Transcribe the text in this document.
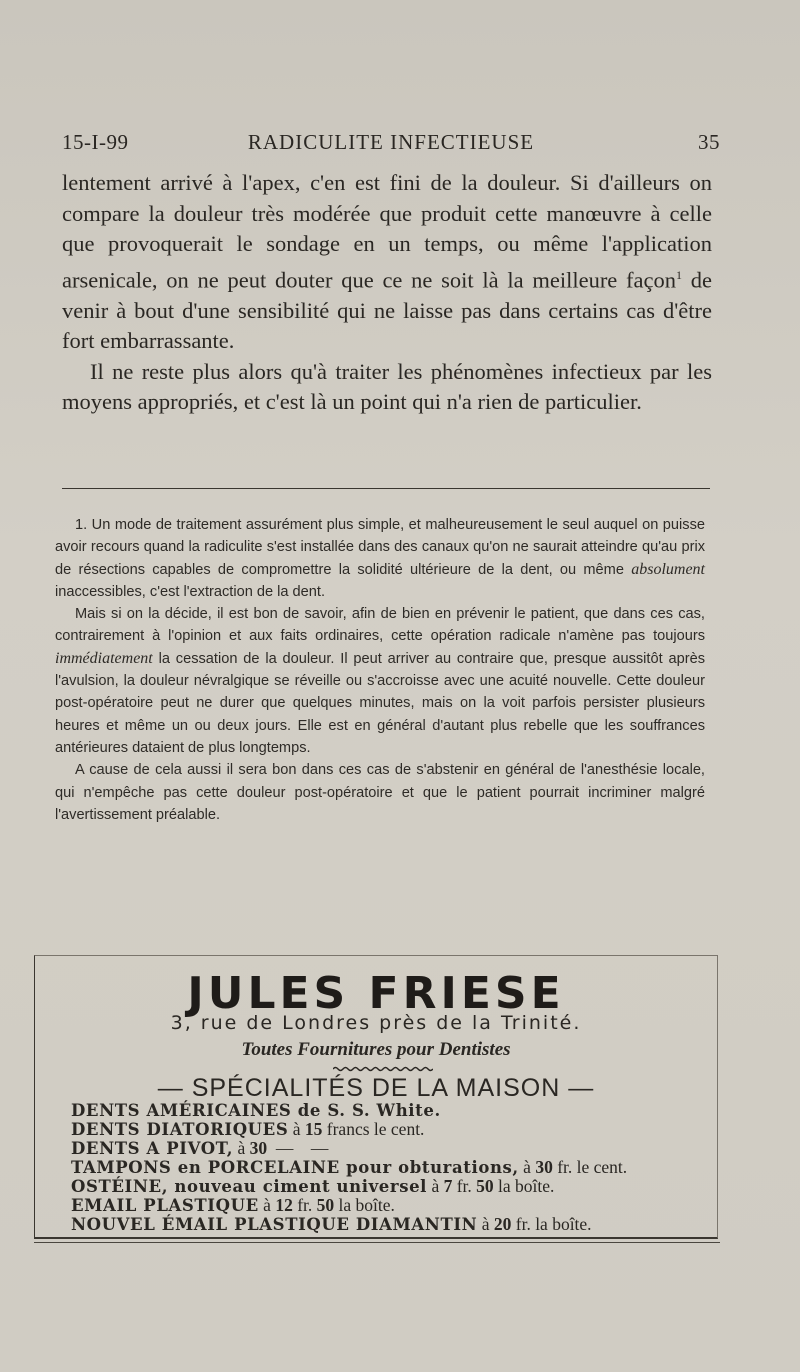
15-I-99	RADICULITE INFECTIEUSE	35

lentement arrivé à l'apex, c'en est fini de la douleur. Si d'ailleurs on compare la douleur très modérée que produit cette manœuvre à celle que provoquerait le sondage en un temps, ou même l'application arsenicale, on ne peut douter que ce ne soit là la meilleure façon$^1$ de venir à bout d'une sensibilité qui ne laisse pas dans certains cas d'être fort embarrassante.

Il ne reste plus alors qu'à traiter les phénomènes infectieux par les moyens appropriés, et c'est là un point qui n'a rien de particulier.

1. Un mode de traitement assurément plus simple, et malheureusement le seul auquel on puisse avoir recours quand la radiculite s'est installée dans des canaux qu'on ne saurait atteindre qu'au prix de résections capables de compromettre la solidité ultérieure de la dent, ou même absolument inaccessibles, c'est l'extraction de la dent.

Mais si on la décide, il est bon de savoir, afin de bien en prévenir le patient, que dans ces cas, contrairement à l'opinion et aux faits ordinaires, cette opération radicale n'amène pas toujours immédiatement la cessation de la douleur. Il peut arriver au contraire que, presque aussitôt après l'avulsion, la douleur névralgique se réveille ou s'accroisse avec une acuité nouvelle. Cette douleur post-opératoire peut ne durer que quelques minutes, mais on la voit parfois persister plusieurs heures et même un ou deux jours. Elle est en général d'autant plus rebelle que les souffrances antérieures dataient de plus longtemps.

A cause de cela aussi il sera bon dans ces cas de s'abstenir en général de l'anesthésie locale, qui n'empêche pas cette douleur post-opératoire et que le patient pourrait incriminer malgré l'avertissement préalable.

JULES FRIESE
3, rue de Londres près de la Trinité.
Toutes Fournitures pour Dentistes
— SPÉCIALITÉS DE LA MAISON —
DENTS AMÉRICAINES de S. S. White.
DENTS DIATORIQUES à 15 francs le cent.
DENTS A PIVOT, à 30  —    —
TAMPONS en PORCELAINE pour obturations, à 30 fr. le cent.
OSTÉINE, nouveau ciment universel à 7 fr. 50 la boîte.
EMAIL PLASTIQUE à 12 fr. 50 la boîte.
NOUVEL ÉMAIL PLASTIQUE DIAMANTIN à 20 fr. la boîte.
